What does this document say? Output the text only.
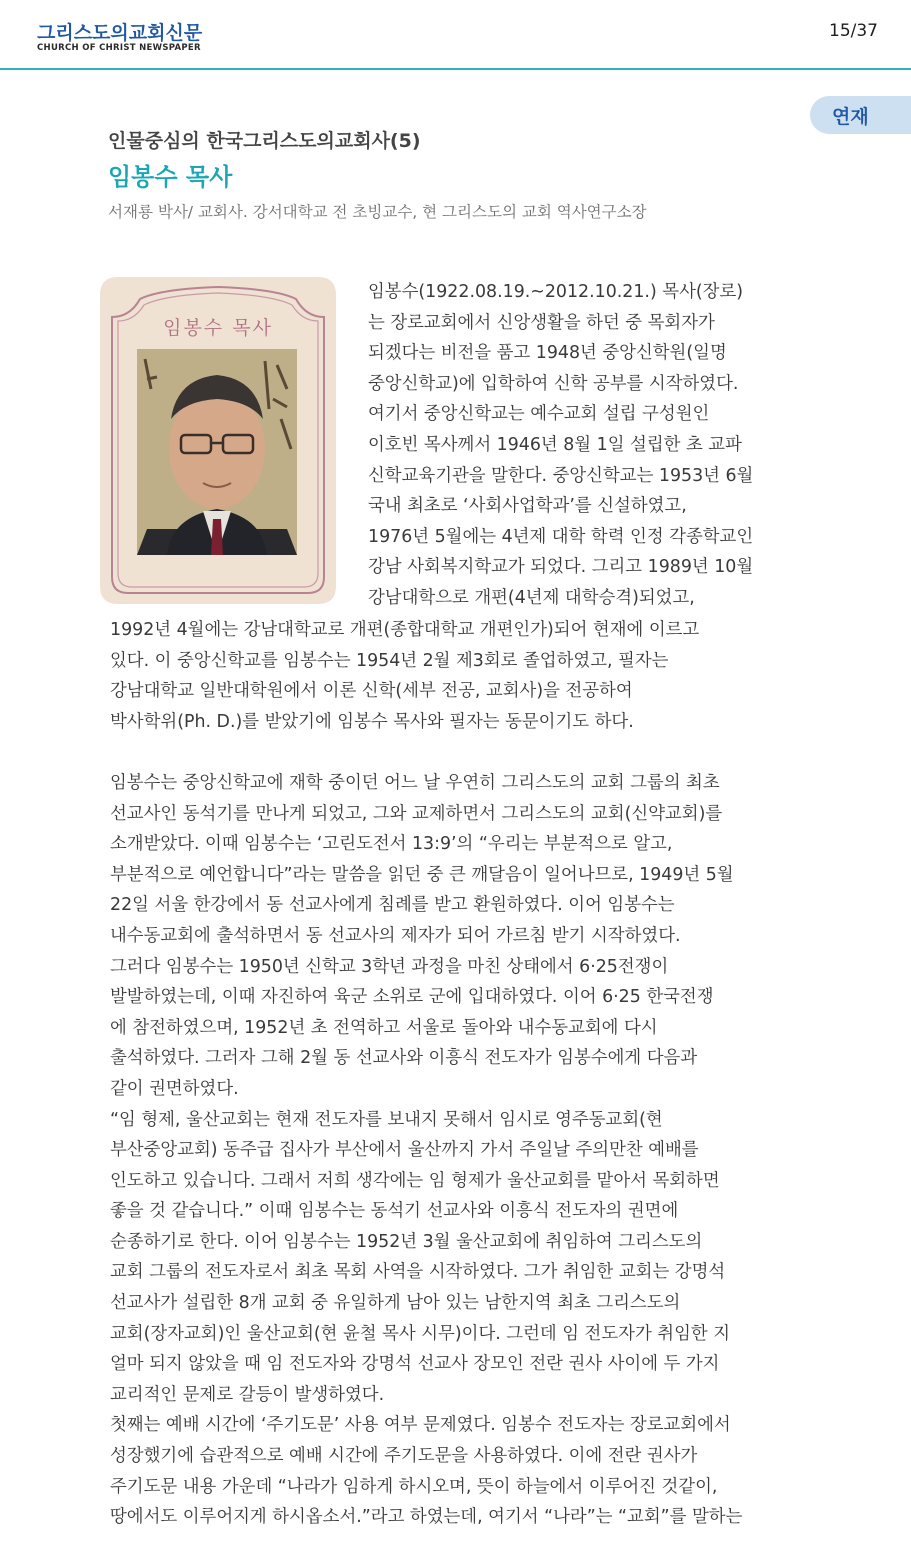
그리스도의교회신문
CHURCH OF CHRIST NEWSPAPER
15/37
연재
인물중심의 한국그리스도의교회사(5)
임봉수 목사
서재룡 박사/ 교회사. 강서대학교 전 초빙교수, 현 그리스도의 교회 역사연구소장
임봉수 목사
임봉수(1922.08.19.~2012.10.21.) 목사(장로)
는 장로교회에서 신앙생활을 하던 중 목회자가
되겠다는 비전을 품고 1948년 중앙신학원(일명
중앙신학교)에 입학하여 신학 공부를 시작하였다.
여기서 중앙신학교는 예수교회 설립 구성원인
이호빈 목사께서 1946년 8월 1일 설립한 초 교파
신학교육기관을 말한다. 중앙신학교는 1953년 6월
국내 최초로 ‘사회사업학과’를 신설하였고,
1976년 5월에는 4년제 대학 학력 인정 각종학교인
강남 사회복지학교가 되었다. 그리고 1989년 10월
강남대학으로 개편(4년제 대학승격)되었고,
1992년 4월에는 강남대학교로 개편(종합대학교 개편인가)되어 현재에 이르고
있다. 이 중앙신학교를 임봉수는 1954년 2월 제3회로 졸업하였고, 필자는
강남대학교 일반대학원에서 이론 신학(세부 전공, 교회사)을 전공하여
박사학위(Ph. D.)를 받았기에 임봉수 목사와 필자는 동문이기도 하다.

임봉수는 중앙신학교에 재학 중이던 어느 날 우연히 그리스도의 교회 그룹의 최초
선교사인 동석기를 만나게 되었고, 그와 교제하면서 그리스도의 교회(신약교회)를
소개받았다. 이때 임봉수는 ‘고린도전서 13:9’의 “우리는 부분적으로 알고,
부분적으로 예언합니다”라는 말씀을 읽던 중 큰 깨달음이 일어나므로, 1949년 5월
22일 서울 한강에서 동 선교사에게 침례를 받고 환원하였다. 이어 임봉수는
내수동교회에 출석하면서 동 선교사의 제자가 되어 가르침 받기 시작하였다.
그러다 임봉수는 1950년 신학교 3학년 과정을 마친 상태에서 6·25전쟁이
발발하였는데, 이때 자진하여 육군 소위로 군에 입대하였다. 이어 6·25 한국전쟁
에 참전하였으며, 1952년 초 전역하고 서울로 돌아와 내수동교회에 다시
출석하였다. 그러자 그해 2월 동 선교사와 이흥식 전도자가 임봉수에게 다음과
같이 권면하였다.
“임 형제, 울산교회는 현재 전도자를 보내지 못해서 임시로 영주동교회(현
부산중앙교회) 동주급 집사가 부산에서 울산까지 가서 주일날 주의만찬 예배를
인도하고 있습니다. 그래서 저희 생각에는 임 형제가 울산교회를 맡아서 목회하면
좋을 것 같습니다.” 이때 임봉수는 동석기 선교사와 이흥식 전도자의 권면에
순종하기로 한다. 이어 임봉수는 1952년 3월 울산교회에 취임하여 그리스도의
교회 그룹의 전도자로서 최초 목회 사역을 시작하였다. 그가 취임한 교회는 강명석
선교사가 설립한 8개 교회 중 유일하게 남아 있는 남한지역 최초 그리스도의
교회(장자교회)인 울산교회(현 윤철 목사 시무)이다. 그런데 임 전도자가 취임한 지
얼마 되지 않았을 때 임 전도자와 강명석 선교사 장모인 전란 권사 사이에 두 가지
교리적인 문제로 갈등이 발생하였다.
첫째는 예배 시간에 ‘주기도문’ 사용 여부 문제였다. 임봉수 전도자는 장로교회에서
성장했기에 습관적으로 예배 시간에 주기도문을 사용하였다. 이에 전란 권사가
주기도문 내용 가운데 “나라가 임하게 하시오며, 뜻이 하늘에서 이루어진 것같이,
땅에서도 이루어지게 하시옵소서.”라고 하였는데, 여기서 “나라”는 “교회”를 말하는
